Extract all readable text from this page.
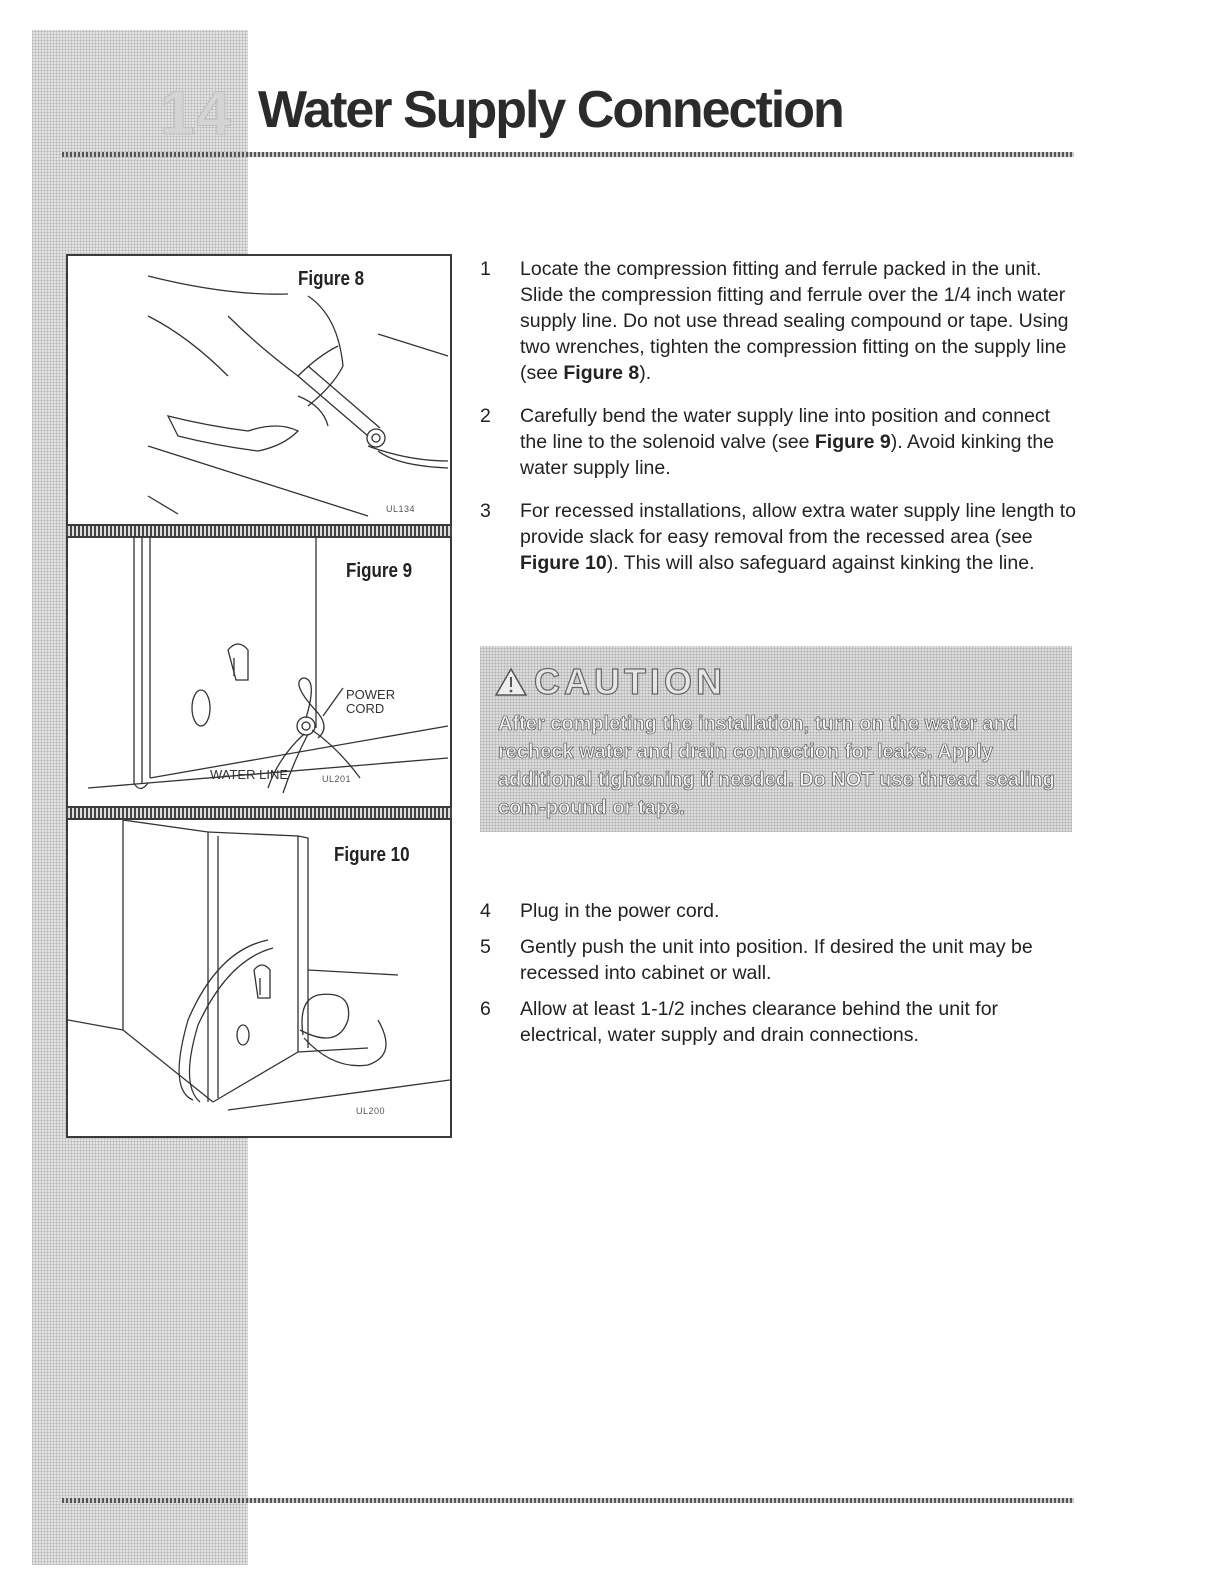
14 Water Supply Connection
Figure 8
UL134
Figure 9
POWER CORD
WATER LINE	UL201
Figure 10
UL200
1	Locate the compression fitting and ferrule packed in the unit. Slide the compression fitting and ferrule over the 1/4 inch water supply line. Do not use thread sealing compound or tape. Using two wrenches, tighten the compression fitting on the supply line (see Figure 8).
2	Carefully bend the water supply line into position and connect the line to the solenoid valve (see Figure 9). Avoid kinking the water supply line.
3	For recessed installations, allow extra water supply line length to provide slack for easy removal from the recessed area (see Figure 10). This will also safeguard against kinking the line.
CAUTION
After completing the installation, turn on the water and recheck water and drain connection for leaks. Apply additional tightening if needed. Do NOT use thread sealing com-pound or tape.
4	Plug in the power cord.
5	Gently push the unit into position. If desired the unit may be recessed into cabinet or wall.
6	Allow at least 1-1/2 inches clearance behind the unit for electrical, water supply and drain connections.
